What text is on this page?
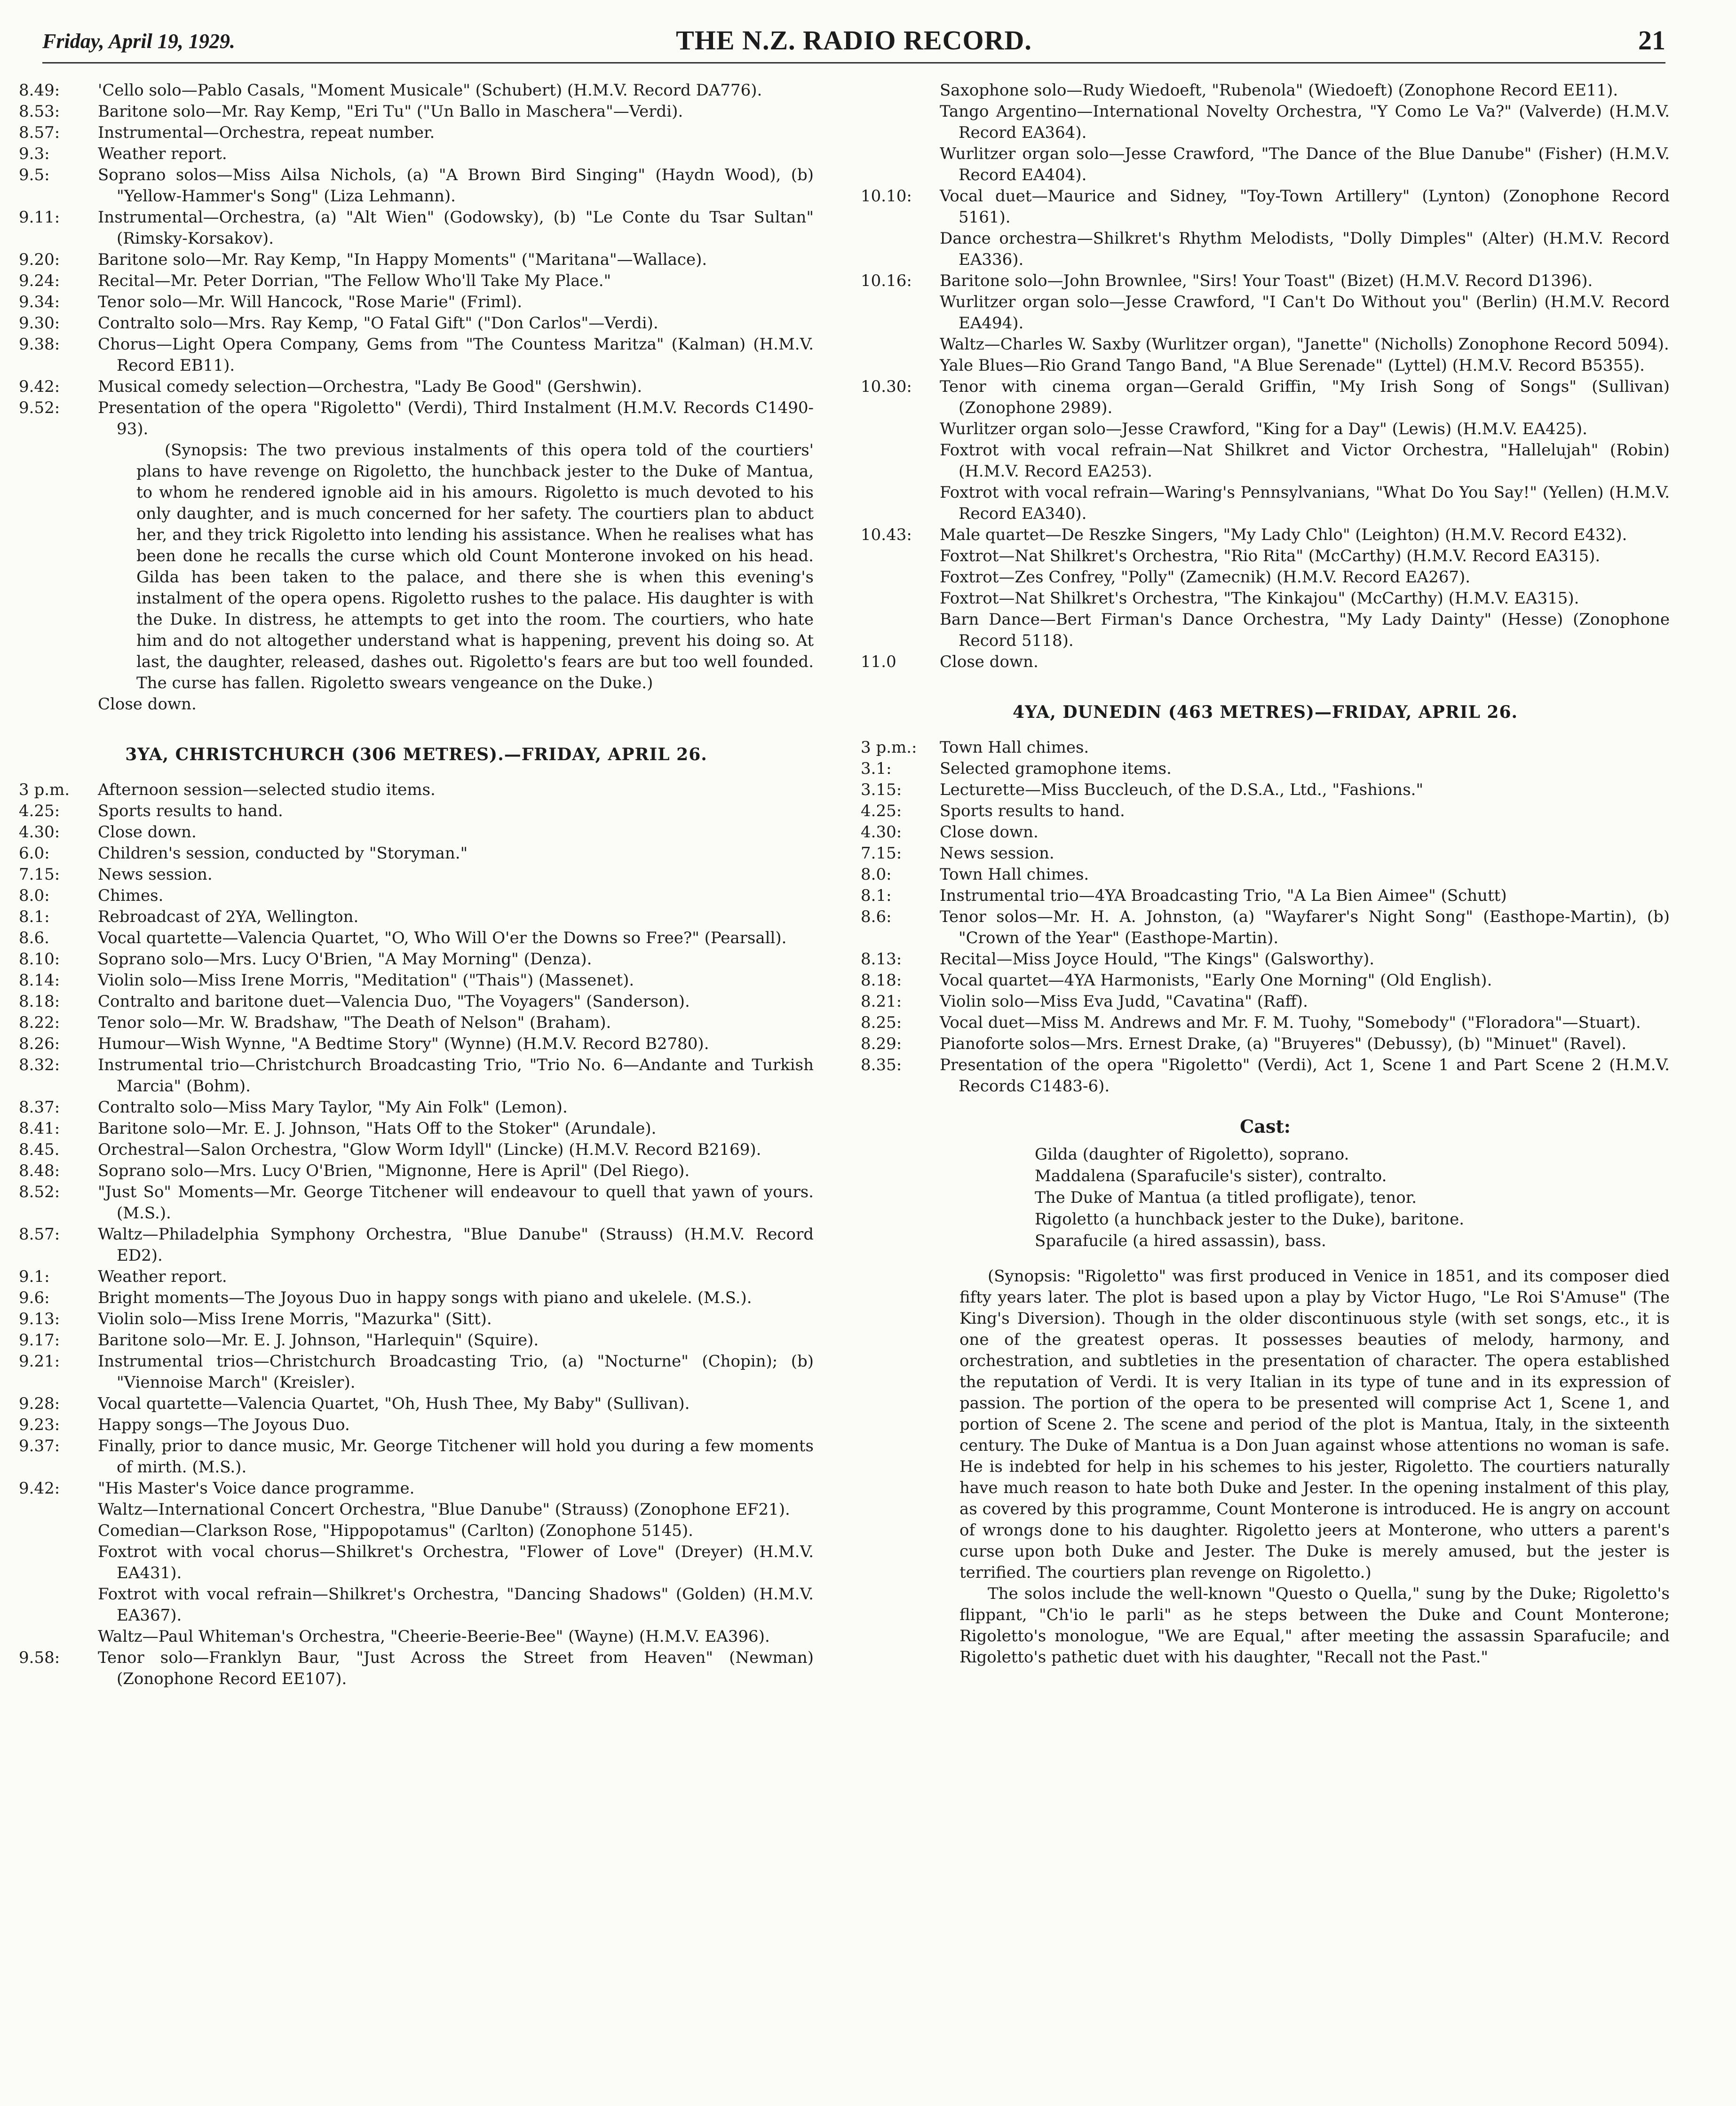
Friday, April 19, 1929.	THE N.Z. RADIO RECORD.	21
8.49:	'Cello solo—Pablo Casals, "Moment Musicale" (Schubert) (H.M.V. Record DA776).
8.53:	Baritone solo—Mr. Ray Kemp, "Eri Tu" ("Un Ballo in Maschera"—Verdi).
8.57:	Instrumental—Orchestra, repeat number.
9.3:	Weather report.
9.5:	Soprano solos—Miss Ailsa Nichols, (a) "A Brown Bird Singing" (Haydn Wood), (b) "Yellow-Hammer's Song" (Liza Lehmann).
9.11:	Instrumental—Orchestra, (a) "Alt Wien" (Godowsky), (b) "Le Conte du Tsar Sultan" (Rimsky-Korsakov).
9.20:	Baritone solo—Mr. Ray Kemp, "In Happy Moments" ("Maritana"—Wallace).
9.24:	Recital—Mr. Peter Dorrian, "The Fellow Who'll Take My Place."
9.34:	Tenor solo—Mr. Will Hancock, "Rose Marie" (Friml).
9.30:	Contralto solo—Mrs. Ray Kemp, "O Fatal Gift" ("Don Carlos"—Verdi).
9.38:	Chorus—Light Opera Company, Gems from "The Countess Maritza" (Kalman) (H.M.V. Record EB11).
9.42:	Musical comedy selection—Orchestra, "Lady Be Good" (Gershwin).
9.52:	Presentation of the opera "Rigoletto" (Verdi), Third Instalment (H.M.V. Records C1490-93).
(Synopsis: The two previous instalments of this opera told of the courtiers' plans to have revenge on Rigoletto, the hunchback jester to the Duke of Mantua, to whom he rendered ignoble aid in his amours. Rigoletto is much devoted to his only daughter, and is much concerned for her safety. The courtiers plan to abduct her, and they trick Rigoletto into lending his assistance. When he realises what has been done he recalls the curse which old Count Monterone invoked on his head. Gilda has been taken to the palace, and there she is when this evening's instalment of the opera opens. Rigoletto rushes to the palace. His daughter is with the Duke. In distress, he attempts to get into the room. The courtiers, who hate him and do not altogether understand what is happening, prevent his doing so. At last, the daughter, released, dashes out. Rigoletto's fears are but too well founded. The curse has fallen. Rigoletto swears vengeance on the Duke.)
Close down.
3YA, CHRISTCHURCH (306 METRES).—FRIDAY, APRIL 26.
3 p.m.	Afternoon session—selected studio items.
4.25:	Sports results to hand.
4.30:	Close down.
6.0:	Children's session, conducted by "Storyman."
7.15:	News session.
8.0:	Chimes.
8.1:	Rebroadcast of 2YA, Wellington.
8.6.	Vocal quartette—Valencia Quartet, "O, Who Will O'er the Downs so Free?" (Pearsall).
8.10:	Soprano solo—Mrs. Lucy O'Brien, "A May Morning" (Denza).
8.14:	Violin solo—Miss Irene Morris, "Meditation" ("Thais") (Massenet).
8.18:	Contralto and baritone duet—Valencia Duo, "The Voyagers" (Sanderson).
8.22:	Tenor solo—Mr. W. Bradshaw, "The Death of Nelson" (Braham).
8.26:	Humour—Wish Wynne, "A Bedtime Story" (Wynne) (H.M.V. Record B2780).
8.32:	Instrumental trio—Christchurch Broadcasting Trio, "Trio No. 6—Andante and Turkish Marcia" (Bohm).
8.37:	Contralto solo—Miss Mary Taylor, "My Ain Folk" (Lemon).
8.41:	Baritone solo—Mr. E. J. Johnson, "Hats Off to the Stoker" (Arundale).
8.45.	Orchestral—Salon Orchestra, "Glow Worm Idyll" (Lincke) (H.M.V. Record B2169).
8.48:	Soprano solo—Mrs. Lucy O'Brien, "Mignonne, Here is April" (Del Riego).
8.52:	"Just So" Moments—Mr. George Titchener will endeavour to quell that yawn of yours. (M.S.).
8.57:	Waltz—Philadelphia Symphony Orchestra, "Blue Danube" (Strauss) (H.M.V. Record ED2).
9.1:	Weather report.
9.6:	Bright moments—The Joyous Duo in happy songs with piano and ukelele. (M.S.).
9.13:	Violin solo—Miss Irene Morris, "Mazurka" (Sitt).
9.17:	Baritone solo—Mr. E. J. Johnson, "Harlequin" (Squire).
9.21:	Instrumental trios—Christchurch Broadcasting Trio, (a) "Nocturne" (Chopin); (b) "Viennoise March" (Kreisler).
9.28:	Vocal quartette—Valencia Quartet, "Oh, Hush Thee, My Baby" (Sullivan).
9.23:	Happy songs—The Joyous Duo.
9.37:	Finally, prior to dance music, Mr. George Titchener will hold you during a few moments of mirth. (M.S.).
9.42:	"His Master's Voice dance programme.
Waltz—International Concert Orchestra, "Blue Danube" (Strauss) (Zonophone EF21).
Comedian—Clarkson Rose, "Hippopotamus" (Carlton) (Zonophone 5145).
Foxtrot with vocal chorus—Shilkret's Orchestra, "Flower of Love" (Dreyer) (H.M.V. EA431).
Foxtrot with vocal refrain—Shilkret's Orchestra, "Dancing Shadows" (Golden) (H.M.V. EA367).
Waltz—Paul Whiteman's Orchestra, "Cheerie-Beerie-Bee" (Wayne) (H.M.V. EA396).
9.58:	Tenor solo—Franklyn Baur, "Just Across the Street from Heaven" (Newman) (Zonophone Record EE107).
Saxophone solo—Rudy Wiedoeft, "Rubenola" (Wiedoeft) (Zonophone Record EE11).
Tango Argentino—International Novelty Orchestra, "Y Como Le Va?" (Valverde) (H.M.V. Record EA364).
Wurlitzer organ solo—Jesse Crawford, "The Dance of the Blue Danube" (Fisher) (H.M.V. Record EA404).
10.10:	Vocal duet—Maurice and Sidney, "Toy-Town Artillery" (Lynton) (Zonophone Record 5161).
Dance orchestra—Shilkret's Rhythm Melodists, "Dolly Dimples" (Alter) (H.M.V. Record EA336).
10.16:	Baritone solo—John Brownlee, "Sirs! Your Toast" (Bizet) (H.M.V. Record D1396).
Wurlitzer organ solo—Jesse Crawford, "I Can't Do Without you" (Berlin) (H.M.V. Record EA494).
Waltz—Charles W. Saxby (Wurlitzer organ), "Janette" (Nicholls) Zonophone Record 5094).
Yale Blues—Rio Grand Tango Band, "A Blue Serenade" (Lyttel) (H.M.V. Record B5355).
10.30:	Tenor with cinema organ—Gerald Griffin, "My Irish Song of Songs" (Sullivan) (Zonophone 2989).
Wurlitzer organ solo—Jesse Crawford, "King for a Day" (Lewis) (H.M.V. EA425).
Foxtrot with vocal refrain—Nat Shilkret and Victor Orchestra, "Hallelujah" (Robin) (H.M.V. Record EA253).
Foxtrot with vocal refrain—Waring's Pennsylvanians, "What Do You Say!" (Yellen) (H.M.V. Record EA340).
10.43:	Male quartet—De Reszke Singers, "My Lady Chlo" (Leighton) (H.M.V. Record E432).
Foxtrot—Nat Shilkret's Orchestra, "Rio Rita" (McCarthy) (H.M.V. Record EA315).
Foxtrot—Zes Confrey, "Polly" (Zamecnik) (H.M.V. Record EA267).
Foxtrot—Nat Shilkret's Orchestra, "The Kinkajou" (McCarthy) (H.M.V. EA315).
Barn Dance—Bert Firman's Dance Orchestra, "My Lady Dainty" (Hesse) (Zonophone Record 5118).
11.0	Close down.
4YA, DUNEDIN (463 METRES)—FRIDAY, APRIL 26.
3 p.m.:	Town Hall chimes.
3.1:	Selected gramophone items.
3.15:	Lecturette—Miss Buccleuch, of the D.S.A., Ltd., "Fashions."
4.25:	Sports results to hand.
4.30:	Close down.
7.15:	News session.
8.0:	Town Hall chimes.
8.1:	Instrumental trio—4YA Broadcasting Trio, "A La Bien Aimee" (Schutt)
8.6:	Tenor solos—Mr. H. A. Johnston, (a) "Wayfarer's Night Song" (Easthope-Martin), (b) "Crown of the Year" (Easthope-Martin).
8.13:	Recital—Miss Joyce Hould, "The Kings" (Galsworthy).
8.18:	Vocal quartet—4YA Harmonists, "Early One Morning" (Old English).
8.21:	Violin solo—Miss Eva Judd, "Cavatina" (Raff).
8.25:	Vocal duet—Miss M. Andrews and Mr. F. M. Tuohy, "Somebody" ("Floradora"—Stuart).
8.29:	Pianoforte solos—Mrs. Ernest Drake, (a) "Bruyeres" (Debussy), (b) "Minuet" (Ravel).
8.35:	Presentation of the opera "Rigoletto" (Verdi), Act 1, Scene 1 and Part Scene 2 (H.M.V. Records C1483-6).
Cast:
Gilda (daughter of Rigoletto), soprano.
Maddalena (Sparafucile's sister), contralto.
The Duke of Mantua (a titled profligate), tenor.
Rigoletto (a hunchback jester to the Duke), baritone.
Sparafucile (a hired assassin), bass.
(Synopsis: "Rigoletto" was first produced in Venice in 1851, and its composer died fifty years later. The plot is based upon a play by Victor Hugo, "Le Roi S'Amuse" (The King's Diversion). Though in the older discontinuous style (with set songs, etc., it is one of the greatest operas. It possesses beauties of melody, harmony, and orchestration, and subtleties in the presentation of character. The opera established the reputation of Verdi. It is very Italian in its type of tune and in its expression of passion. The portion of the opera to be presented will comprise Act 1, Scene 1, and portion of Scene 2. The scene and period of the plot is Mantua, Italy, in the sixteenth century. The Duke of Mantua is a Don Juan against whose attentions no woman is safe. He is indebted for help in his schemes to his jester, Rigoletto. The courtiers naturally have much reason to hate both Duke and Jester. In the opening instalment of this play, as covered by this programme, Count Monterone is introduced. He is angry on account of wrongs done to his daughter. Rigoletto jeers at Monterone, who utters a parent's curse upon both Duke and Jester. The Duke is merely amused, but the jester is terrified. The courtiers plan revenge on Rigoletto.)
The solos include the well-known "Questo o Quella," sung by the Duke; Rigoletto's flippant, "Ch'io le parli" as he steps between the Duke and Count Monterone; Rigoletto's monologue, "We are Equal," after meeting the assassin Sparafucile; and Rigoletto's pathetic duet with his daughter, "Recall not the Past."
